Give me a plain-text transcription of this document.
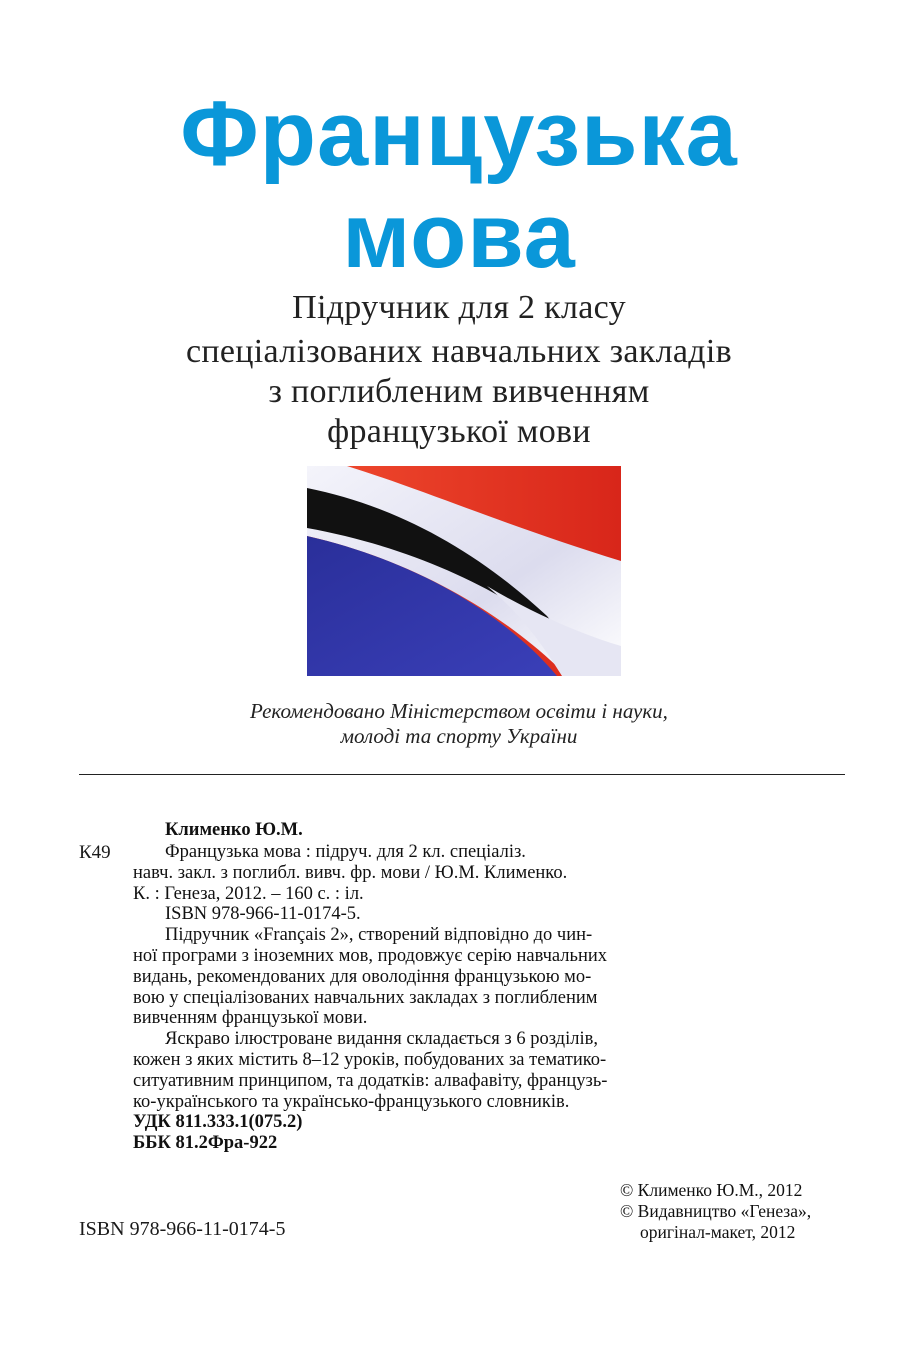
Французька
мова
Підручник для 2 класу
спеціалізованих навчальних закладів
з поглибленим вивченням
французької мови
Рекомендовано Міністерством освіти і науки,
молоді та спорту України
Клименко Ю.М.
К49	Французька мова : підруч. для 2 кл. спеціаліз.
навч. закл. з поглибл. вивч. фр. мови / Ю.М. Клименко.
К. : Генеза, 2012. – 160 с. : іл.
ISBN 978-966-11-0174-5.
Підручник «Français 2», створений відповідно до чин-
ної програми з іноземних мов, продовжує серію навчальних
видань, рекомендованих для оволодіння французькою мо-
вою у спеціалізованих навчальних закладах з поглибленим
вивченням французької мови.
Яскраво ілюстроване видання складається з 6 розділів,
кожен з яких містить 8–12 уроків, побудованих за тематико-
ситуативним принципом, та додатків: алвафавіту, французь-
ко-українського та українсько-французького словників.
УДК 811.333.1(075.2)
ББК 81.2Фра-922
© Клименко Ю.М., 2012
© Видавництво «Генеза»,
оригінал-макет, 2012
ISBN 978-966-11-0174-5
